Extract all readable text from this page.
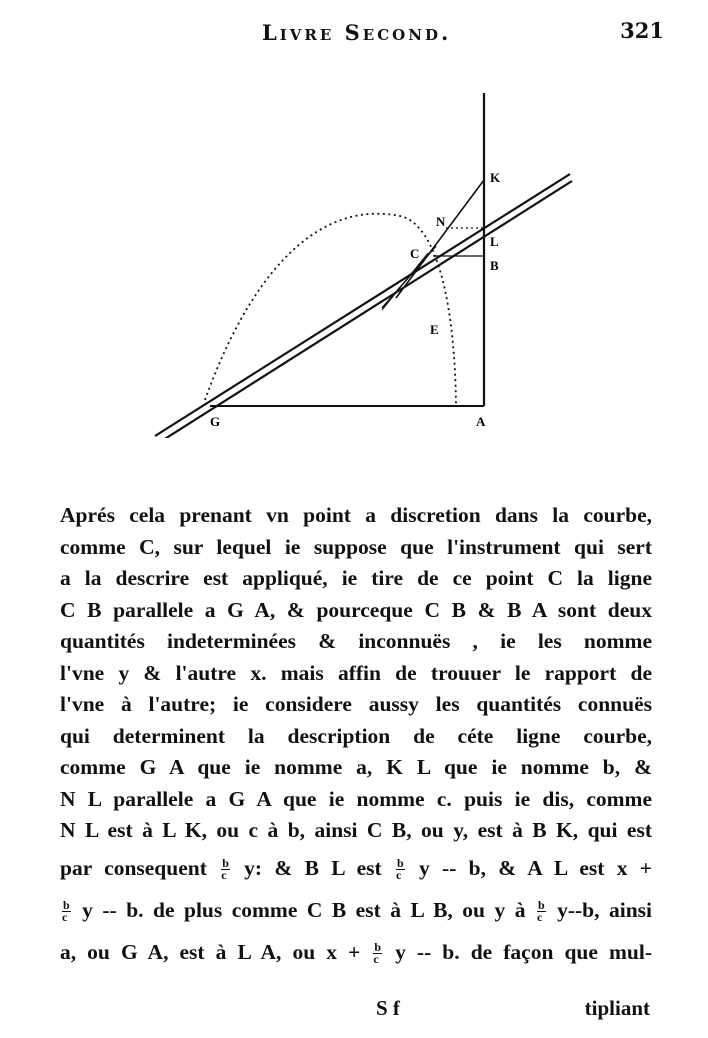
Livre Second.	321
K
N
L
C
B
E
A
G
Aprés cela prenant vn point a discretion dans la courbe,
comme C, sur lequel ie suppose que l'instrument qui sert
a la descrire est appliqué, ie tire de ce point C la ligne
C B parallele a G A, & pourceque C B & B A sont deux
quantités indeterminées & inconnuës , ie les nomme
l'vne y & l'autre x. mais affin de trouuer le rapport de
l'vne à l'autre; ie considere aussy les quantités connuës
qui determinent la description de céte ligne courbe,
comme G A que ie nomme a, K L que ie nomme b, &
N L parallele a G A que ie nomme c. puis ie dis, comme
N L est à L K, ou c à b, ainsi C B, ou y, est à B K, qui est
par consequent $\frac{b}{c} y$: & B L est $\frac{b}{c}$ y -- b, & A L est x +
$\frac{b}{c}$ y -- b. de plus comme C B est à L B, ou y à $\frac{b}{c} y--b$, ainsi
a, ou G A, est à L A, ou $x + \frac{b}{c}$ y -- b. de façon que mul-
S f	tipliant
